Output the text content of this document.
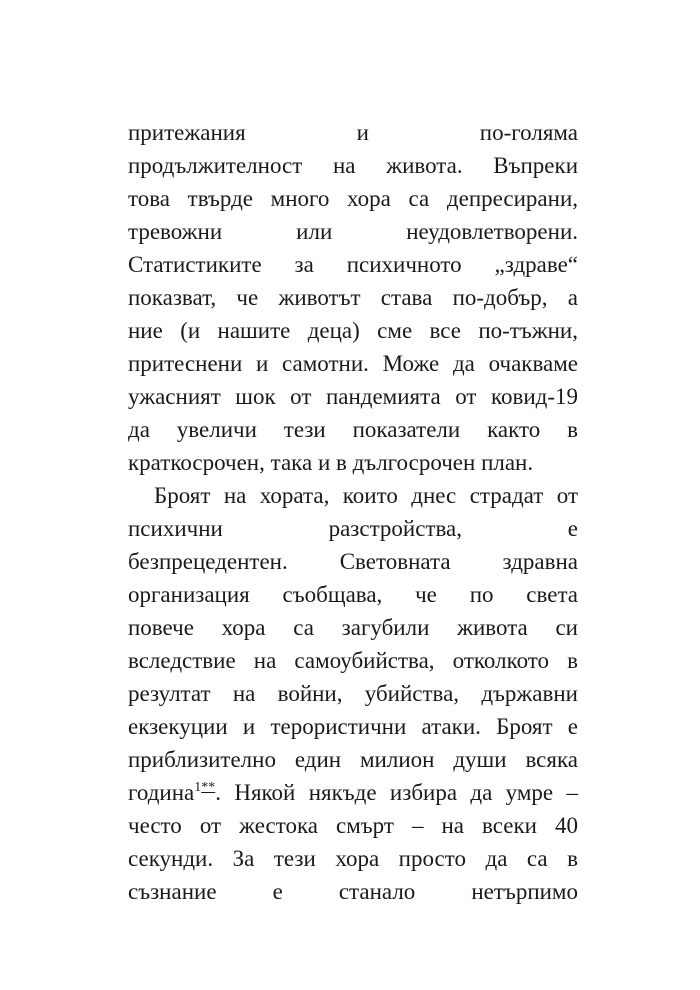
притежания и по-голяма
продължителност на живота. Въпреки
това твърде много хора са депресирани,
тревожни или неудовлетворени.
Статистиките за психичното „здраве“
показват, че животът става по-добър, а
ние (и нашите деца) сме все по-тъжни,
притеснени и самотни. Може да очакваме
ужасният шок от пандемията от ковид-19
да увеличи тези показатели както в
краткосрочен, така и в дългосрочен план.
Броят на хората, които днес страдат от
психични разстройства, е
безпрецедентен. Световната здравна
организация съобщава, че по света
повече хора са загубили живота си
вследствие на самоубийства, отколкото в
резултат на войни, убийства, държавни
екзекуции и терористични атаки. Броят е
приблизително един милион души всяка
година$^{1**}$. Някой някъде избира да умре –
често от жестока смърт – на всеки 40
секунди. За тези хора просто да са в
съзнание е станало нетърпимо
